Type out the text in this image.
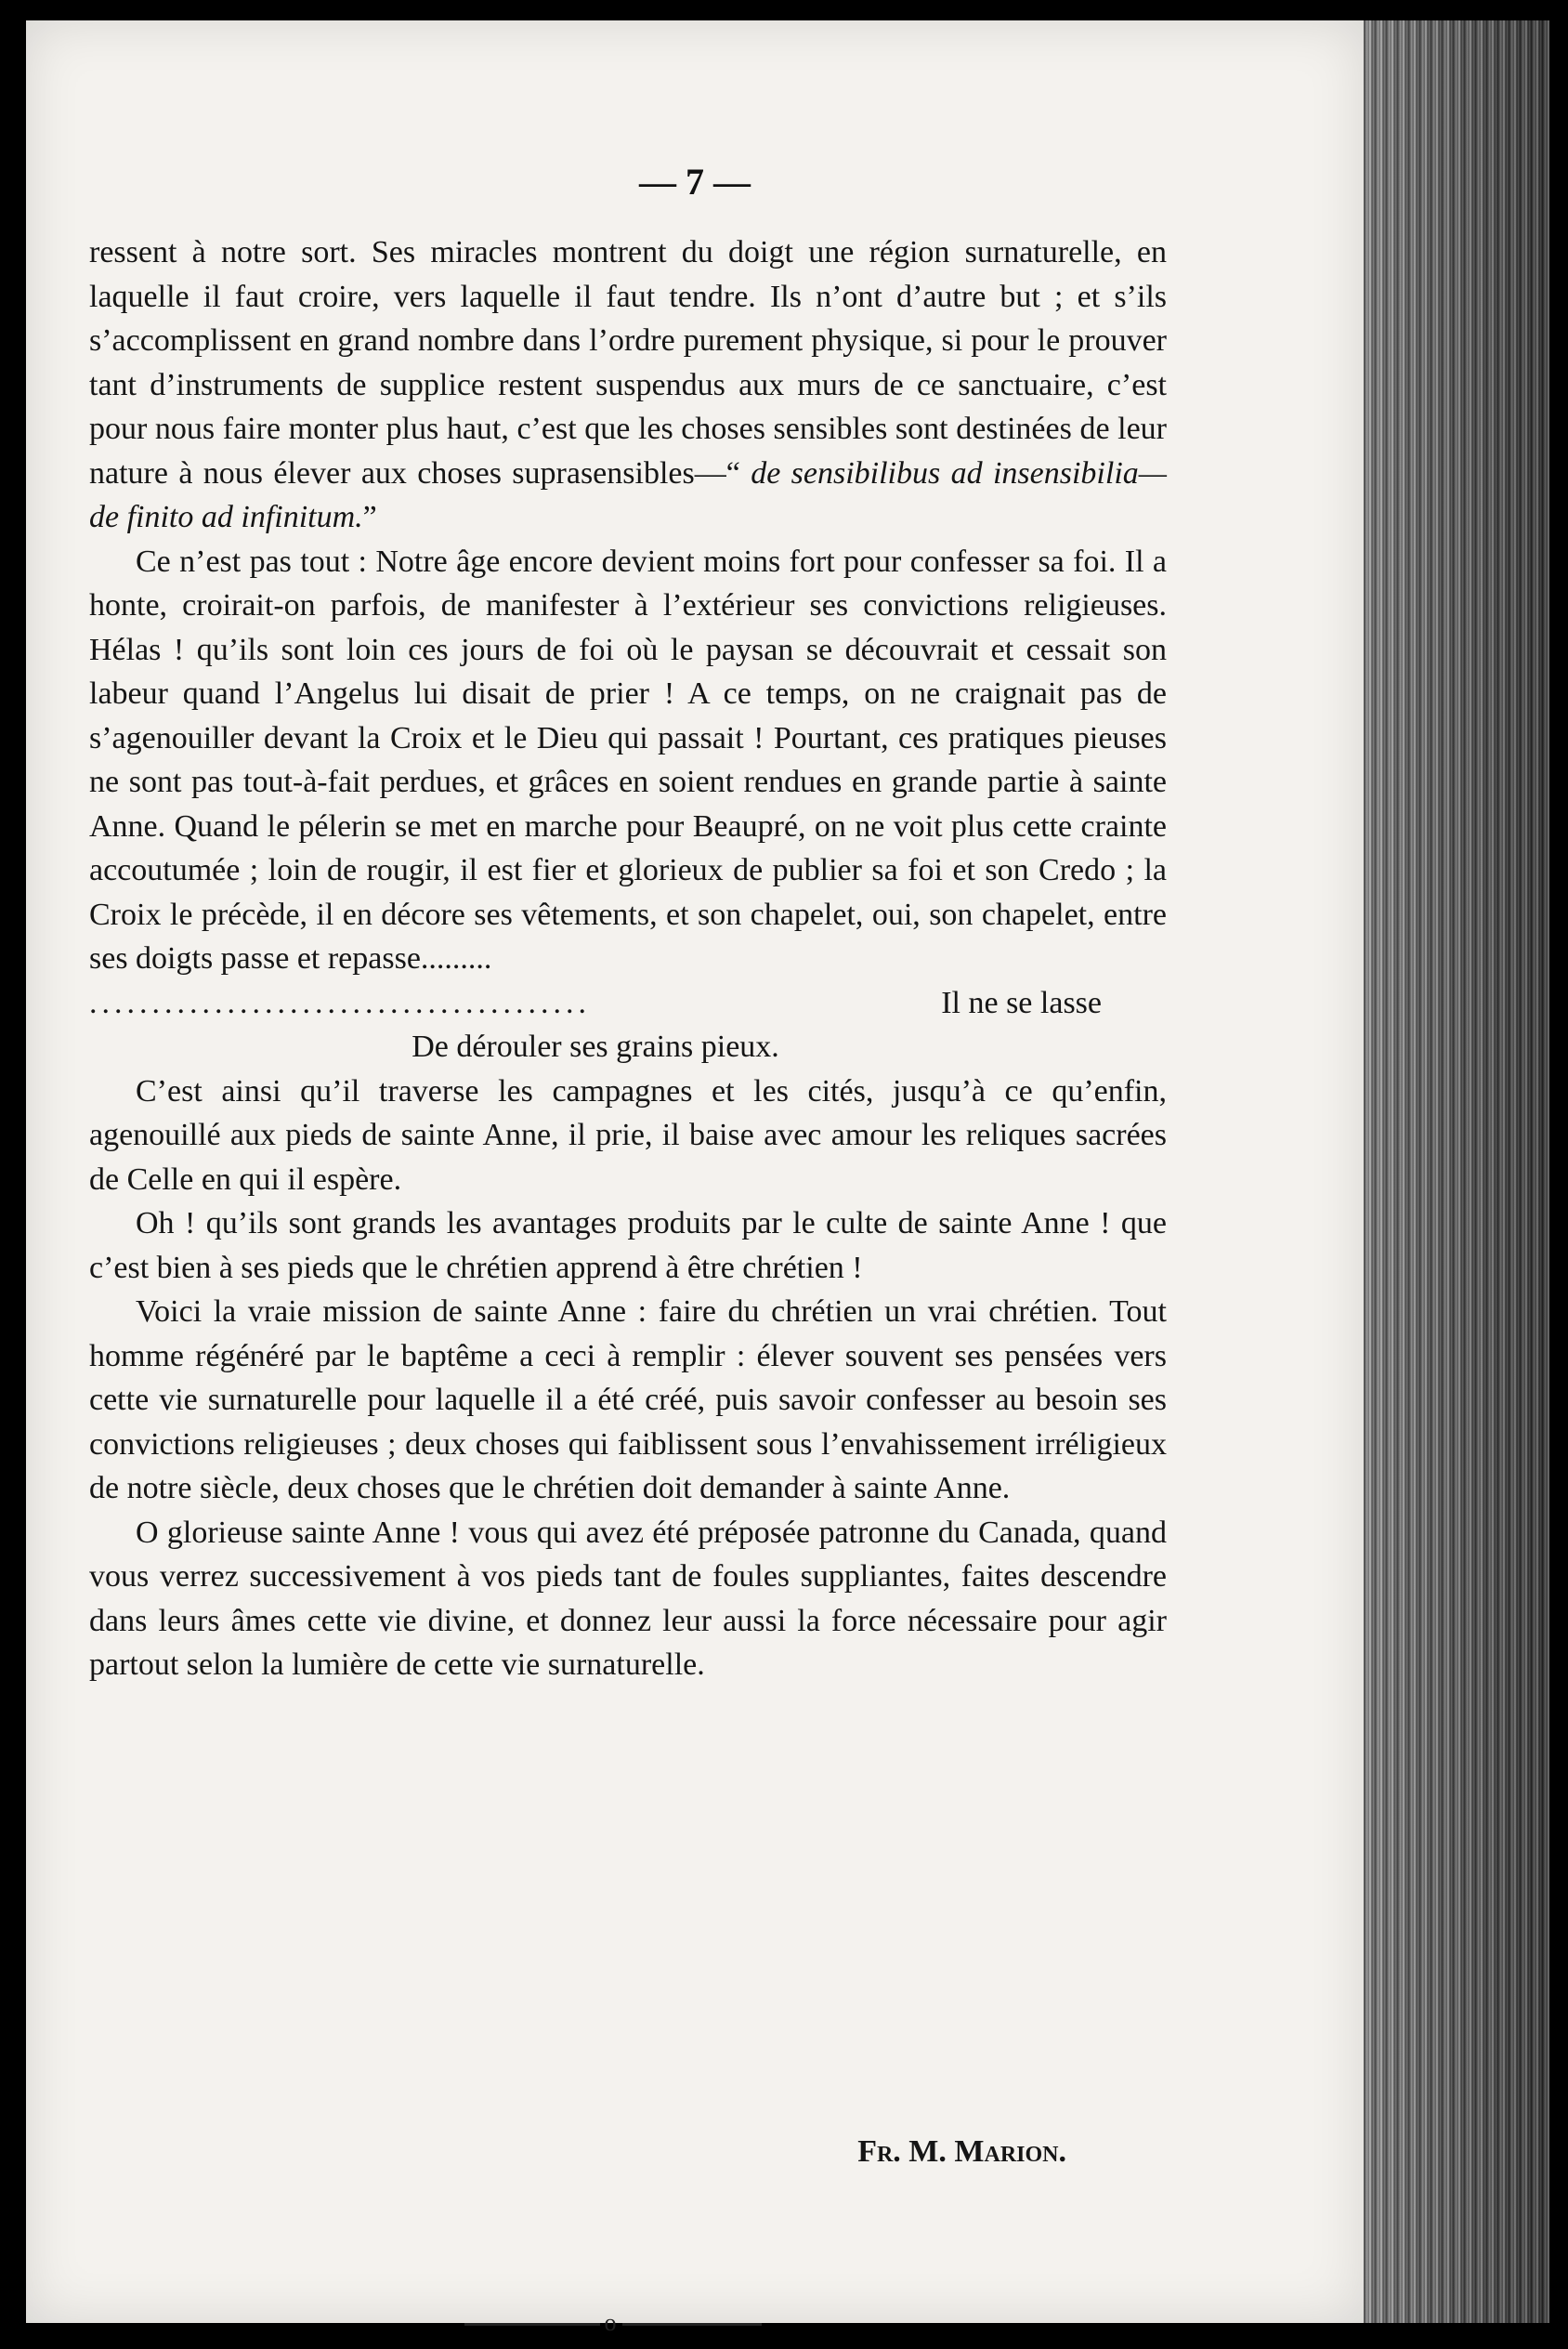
— 7 —

ressent à notre sort. Ses miracles montrent du doigt une région surnaturelle, en laquelle il faut croire, vers laquelle il faut tendre. Ils n’ont d’autre but ; et s’ils s’accomplissent en grand nombre dans l’ordre purement physique, si pour le prouver tant d’instruments de supplice restent suspendus aux murs de ce sanctuaire, c’est pour nous faire monter plus haut, c’est que les choses sensibles sont destinées de leur nature à nous élever aux choses suprasensibles—“ de sensibilibus ad insensibilia—de finito ad infinitum.”

Ce n’est pas tout : Notre âge encore devient moins fort pour confesser sa foi. Il a honte, croirait-on parfois, de manifester à l’extérieur ses convictions religieuses. Hélas ! qu’ils sont loin ces jours de foi où le paysan se découvrait et cessait son labeur quand l’Angelus lui disait de prier ! A ce temps, on ne craignait pas de s’agenouiller devant la Croix et le Dieu qui passait ! Pourtant, ces pratiques pieuses ne sont pas tout-à-fait perdues, et grâces en soient rendues en grande partie à sainte Anne. Quand le pélerin se met en marche pour Beaupré, on ne voit plus cette crainte accoutumée ; loin de rougir, il est fier et glorieux de publier sa foi et son Credo ; la Croix le précède, il en décore ses vêtements, et son chapelet, oui, son chapelet, entre ses doigts passe et repasse.........

........................................	Il ne se lasse

De dérouler ses grains pieux.

C’est ainsi qu’il traverse les campagnes et les cités, jusqu’à ce qu’enfin, agenouillé aux pieds de sainte Anne, il prie, il baise avec amour les reliques sacrées de Celle en qui il espère.

Oh ! qu’ils sont grands les avantages produits par le culte de sainte Anne ! que c’est bien à ses pieds que le chrétien apprend à être chrétien !

Voici la vraie mission de sainte Anne : faire du chrétien un vrai chrétien. Tout homme régénéré par le baptême a ceci à remplir : élever souvent ses pensées vers cette vie surnaturelle pour laquelle il a été créé, puis savoir confesser au besoin ses convictions religieuses ; deux choses qui faiblissent sous l’envahissement irréligieux de notre siècle, deux choses que le chrétien doit demander à sainte Anne.

O glorieuse sainte Anne ! vous qui avez été préposée patronne du Canada, quand vous verrez successivement à vos pieds tant de foules suppliantes, faites descendre dans leurs âmes cette vie divine, et donnez leur aussi la force nécessaire pour agir partout selon la lumière de cette vie surnaturelle.

Fr. M. Marion.
o
